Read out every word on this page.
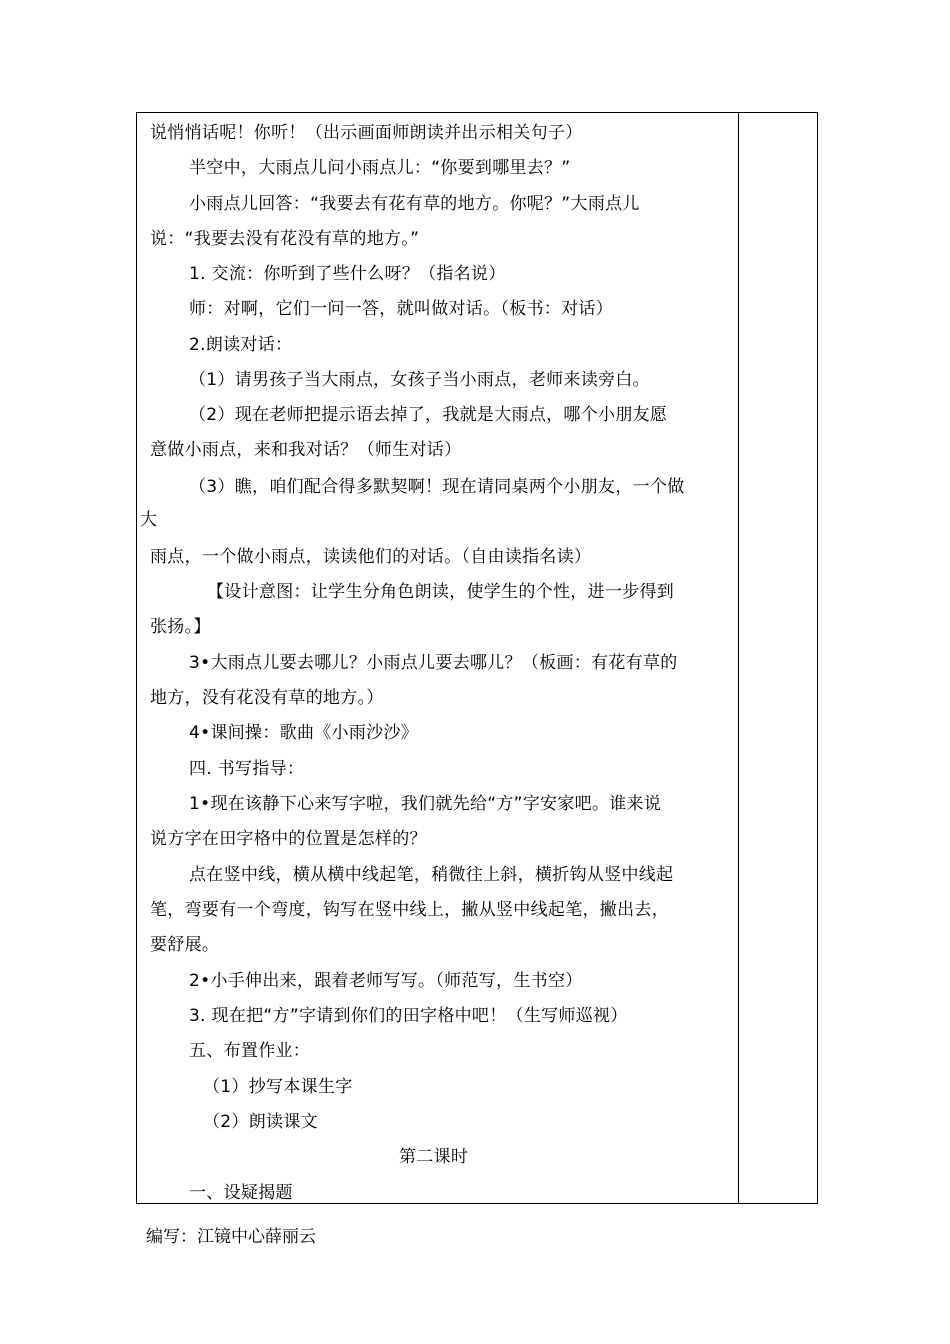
说悄悄话呢！你听！（出示画面师朗读并出示相关句子）
半空中，大雨点儿问小雨点儿：“你要到哪里去？”
小雨点儿回答：“我要去有花有草的地方。你呢？”大雨点儿
说：“我要去没有花没有草的地方。”
1. 交流：你听到了些什么呀？（指名说）
师：对啊，它们一问一答，就叫做对话。（板书：对话）
2.朗读对话：
（1）请男孩子当大雨点，女孩子当小雨点，老师来读旁白。
（2）现在老师把提示语去掉了，我就是大雨点，哪个小朋友愿
意做小雨点，来和我对话？（师生对话）
（3）瞧，咱们配合得多默契啊！现在请同桌两个小朋友，一个做
大
雨点，一个做小雨点，读读他们的对话。（自由读指名读）
【设计意图：让学生分角色朗读，使学生的个性，进一步得到
张扬。】
3•大雨点儿要去哪儿？小雨点儿要去哪儿？（板画：有花有草的
地方，没有花没有草的地方。）
4•课间操：歌曲《小雨沙沙》
四. 书写指导：
1•现在该静下心来写字啦，我们就先给“方”字安家吧。谁来说
说方字在田字格中的位置是怎样的？
点在竖中线，横从横中线起笔，稍微往上斜，横折钩从竖中线起
笔，弯要有一个弯度，钩写在竖中线上，撇从竖中线起笔，撇出去，
要舒展。
2•小手伸出来，跟着老师写写。（师范写，生书空）
3. 现在把“方”字请到你们的田字格中吧！（生写师巡视）
五、布置作业：
（1）抄写本课生字
（2）朗读课文
第二课时
一、设疑揭题
编写：江镜中心薛丽云
